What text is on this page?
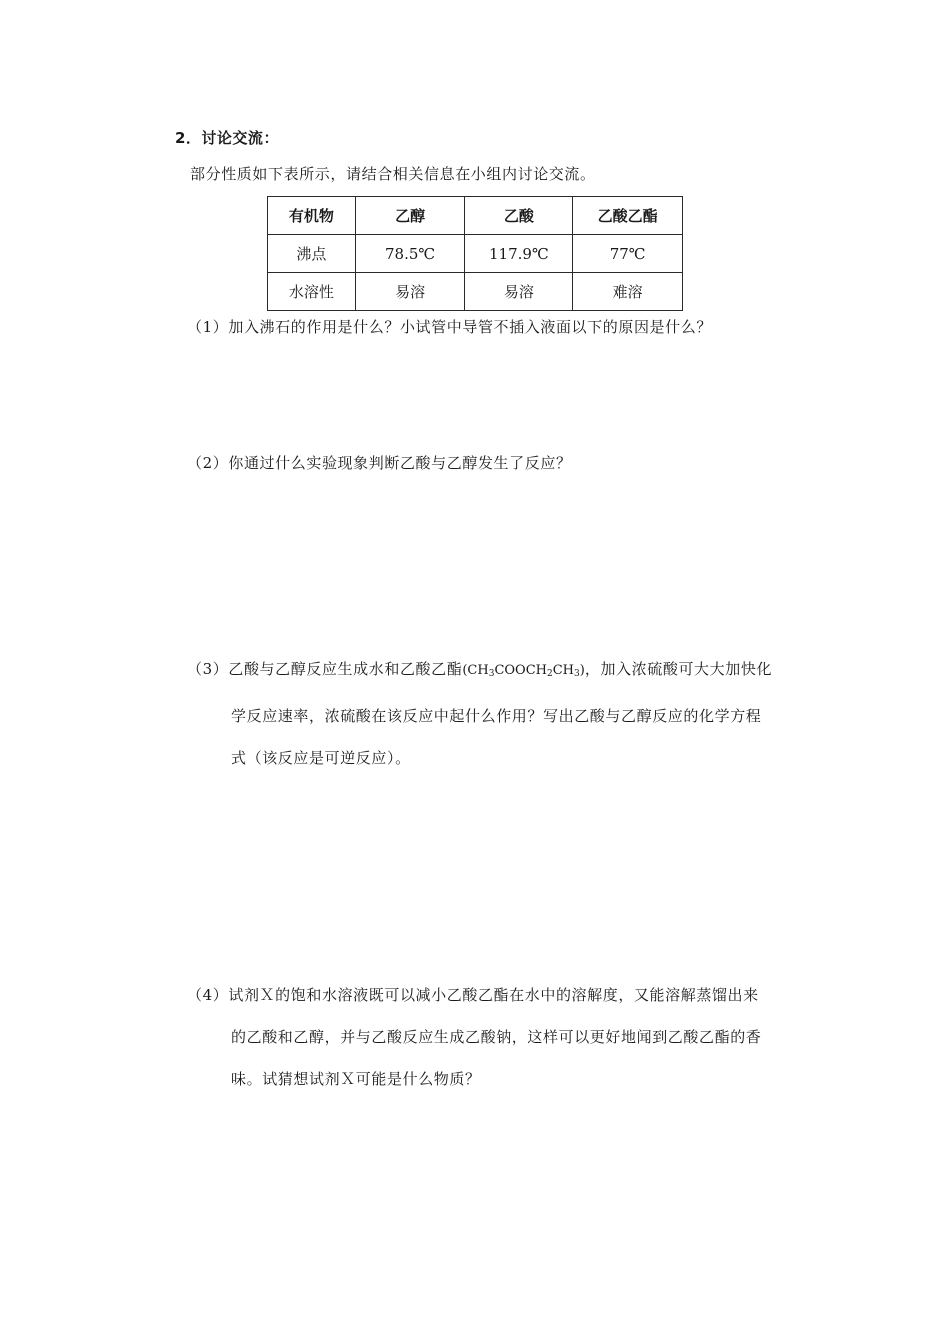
2．讨论交流：
部分性质如下表所示，请结合相关信息在小组内讨论交流。
有机物	乙醇	乙酸	乙酸乙酯
沸点	78.5℃	117.9℃	77℃
水溶性	易溶	易溶	难溶
（1）加入沸石的作用是什么？小试管中导管不插入液面以下的原因是什么？
（2）你通过什么实验现象判断乙酸与乙醇发生了反应？
（3）乙酸与乙醇反应生成水和乙酸乙酯$(CH_3COOCH_2CH_3)$，加入浓硫酸可大大加快化
学反应速率，浓硫酸在该反应中起什么作用？写出乙酸与乙醇反应的化学方程
式（该反应是可逆反应）。
（4）试剂Ｘ的饱和水溶液既可以减小乙酸乙酯在水中的溶解度，又能溶解蒸馏出来
的乙酸和乙醇，并与乙酸反应生成乙酸钠，这样可以更好地闻到乙酸乙酯的香
味。试猜想试剂Ｘ可能是什么物质？
